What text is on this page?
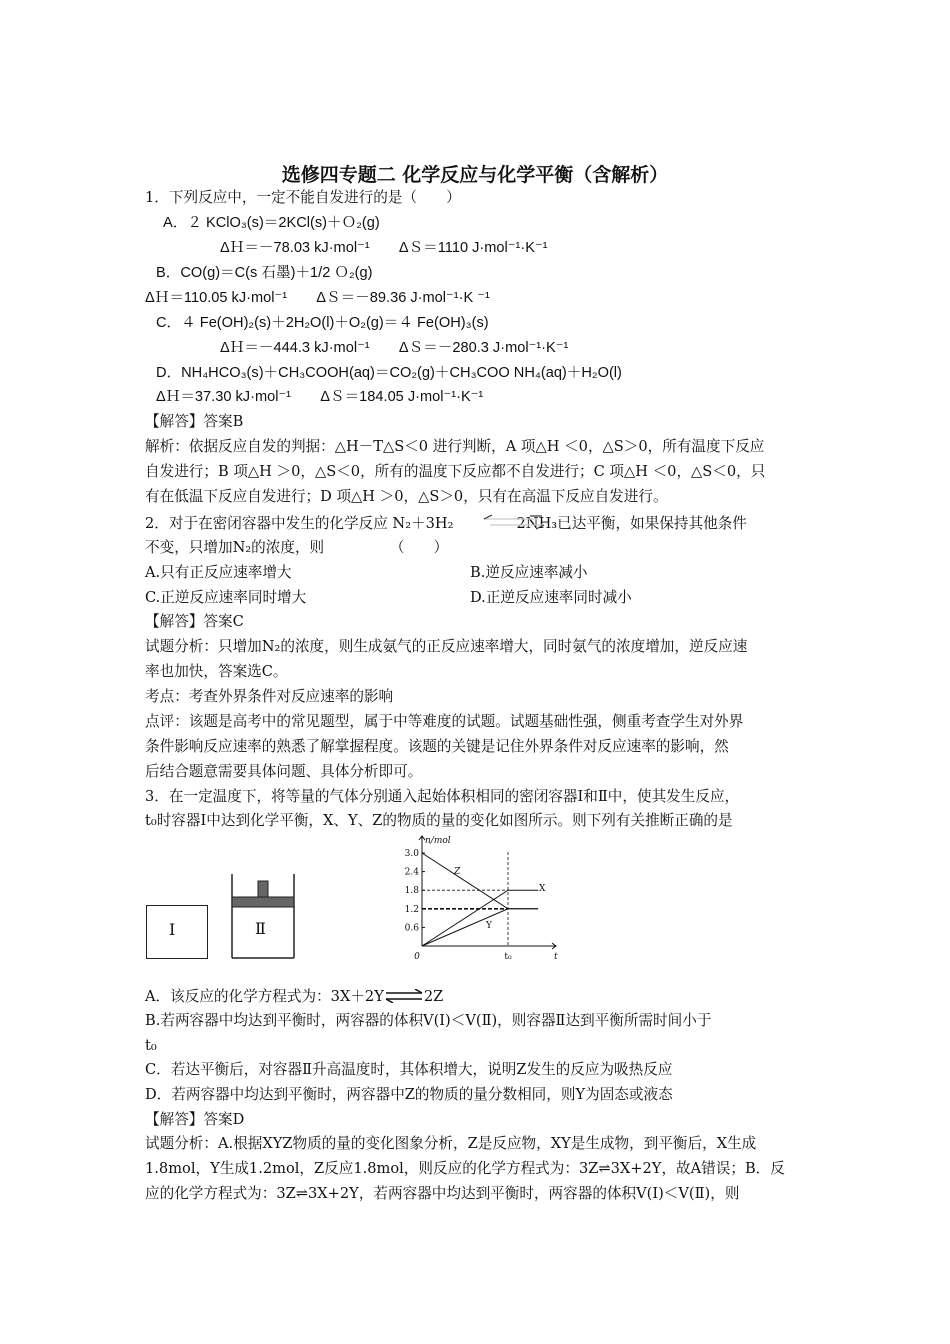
选修四专题二 化学反应与化学平衡（含解析）
1．下列反应中，一定不能自发进行的是（　　）
A．２ KClO₃(s)＝2KCl(s)＋Ｏ₂(g)
ΔＨ＝－78.03 kJ·mol⁻¹　　ΔＳ＝1110 J·mol⁻¹·K⁻¹
B．CO(g)＝C(s 石墨)＋1/2 Ｏ₂(g)
ΔＨ＝110.05 kJ·mol⁻¹　　ΔＳ＝－89.36 J·mol⁻¹·K ⁻¹
C．４ Fe(OH)₂(s)＋2H₂O(l)＋O₂(g)＝４ Fe(OH)₃(s)
ΔＨ＝－444.3 kJ·mol⁻¹　　ΔＳ＝－280.3 J·mol⁻¹·K⁻¹
D．NH₄HCO₃(s)＋CH₃COOH(aq)＝CO₂(g)＋CH₃COO NH₄(aq)＋H₂O(l)
ΔＨ＝37.30 kJ·mol⁻¹　　ΔＳ＝184.05 J·mol⁻¹·K⁻¹
【解答】答案B
解析：依据反应自发的判据：△H－T△S＜0 进行判断，A 项△H ＜0，△S＞0，所有温度下反应
自发进行；B 项△H ＞0，△S＜0，所有的温度下反应都不自发进行；C 项△H ＜0，△S＜0，只
有在低温下反应自发进行；D 项△H ＞0，△S＞0，只有在高温下反应自发进行。
2．对于在密闭容器中发生的化学反应 N₂＋3H₂　　　　 2NH₃已达平衡，如果保持其他条件
不变，只增加N₂的浓度，则　　　　　（　　）
A.只有正反应速率增大	B.逆反应速率减小
C.正逆反应速率同时增大	D.正逆反应速率同时减小
【解答】答案C
试题分析：只增加N₂的浓度，则生成氨气的正反应速率增大，同时氨气的浓度增加，逆反应速
率也加快，答案选C。
考点：考查外界条件对反应速率的影响
点评：该题是高考中的常见题型，属于中等难度的试题。试题基础性强，侧重考查学生对外界
条件影响反应速率的熟悉了解掌握程度。该题的关键是记住外界条件对反应速率的影响，然
后结合题意需要具体问题、具体分析即可。
3．在一定温度下，将等量的气体分别通入起始体积相同的密闭容器Ⅰ和Ⅱ中，使其发生反应，
t₀时容器Ⅰ中达到化学平衡，X、Y、Z的物质的量的变化如图所示。则下列有关推断正确的是
Ⅰ	Ⅱ
n/mol
t
3.0
2.4
1.8
1.2
0.6
0	t₀
Z
X
Y
A．该反应的化学方程式为：3X＋2Y⇌2Z
B.若两容器中均达到平衡时，两容器的体积V(Ⅰ)＜V(Ⅱ)，则容器Ⅱ达到平衡所需时间小于
t₀
C．若达平衡后，对容器Ⅱ升高温度时，其体积增大，说明Z发生的反应为吸热反应
D．若两容器中均达到平衡时，两容器中Z的物质的量分数相同，则Y为固态或液态
【解答】答案D
试题分析：A.根据XYZ物质的量的变化图象分析，Z是反应物，XY是生成物，到平衡后，X生成
1.8mol，Y生成1.2mol，Z反应1.8mol，则反应的化学方程式为：3Z⇌3X+2Y，故A错误；B．反
应的化学方程式为：3Z⇌3X+2Y，若两容器中均达到平衡时，两容器的体积V(Ⅰ)＜V(Ⅱ)，则
